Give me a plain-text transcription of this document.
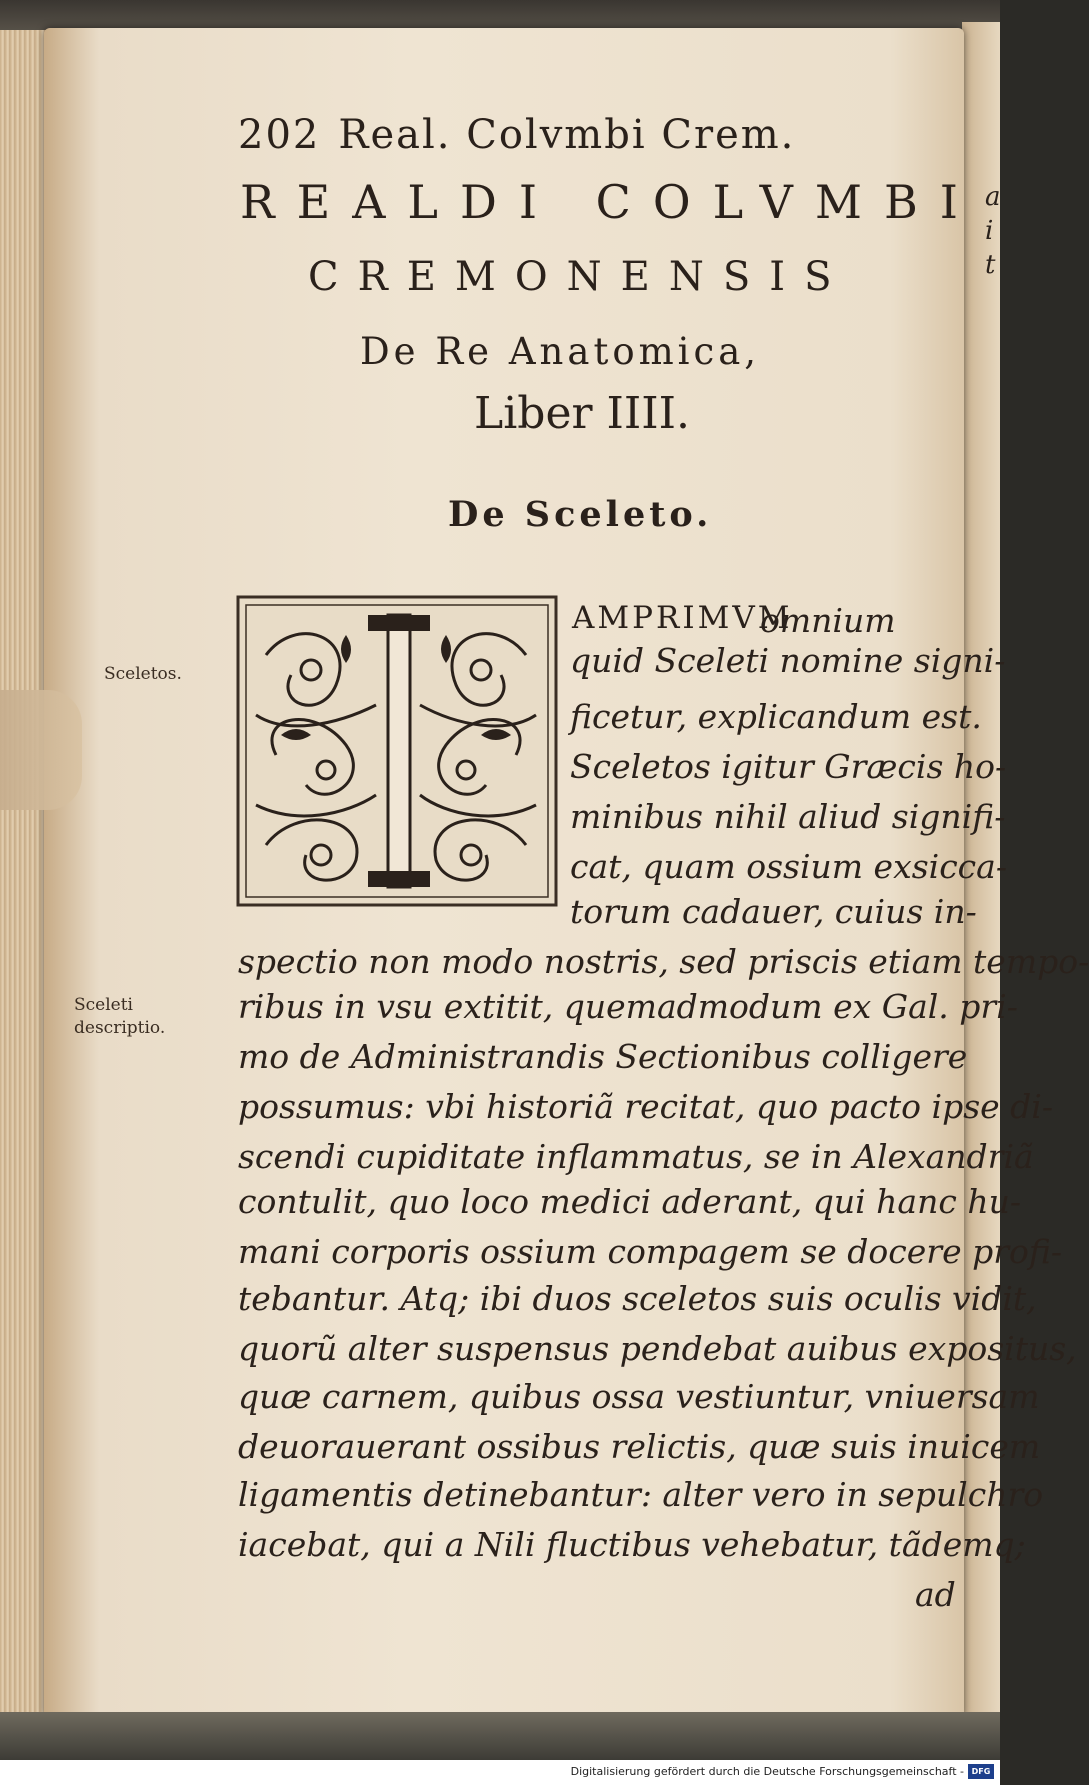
a i t
202 Real. Colvmbi Crem.
REALDI COLVMBI
CREMONENSIS
De Re Anatomica,
Liber IIII.
De Sceleto.
Sceletos.
Sceleti descriptio.
AMPRIMVM
omnium
quid Sceleti nomine signi-
ficetur, explicandum est.
Sceletos igitur Græcis ho-
minibus nihil aliud signifi-
cat, quam ossium exsicca-
torum cadauer, cuius in-
spectio non modo nostris, sed priscis etiam tempo-
ribus in vsu extitit, quemadmodum ex Gal. pri-
mo de Administrandis Sectionibus colligere
possumus: vbi historiã recitat, quo pacto ipse di-
scendi cupiditate inflammatus, se in Alexandriã
contulit, quo loco medici aderant, qui hanc hu-
mani corporis ossium compagem se docere profi-
tebantur. Atq; ibi duos sceletos suis oculis vidit,
quorũ alter suspensus pendebat auibus expositus,
quæ carnem, quibus ossa vestiuntur, vniuersam
deuorauerant ossibus relictis, quæ suis inuicem
ligamentis detinebantur: alter vero in sepulchro
iacebat, qui a Nili fluctibus vehebatur, tãdemq;
ad
Digitalisierung gefördert durch die Deutsche Forschungsgemeinschaft - DFG
